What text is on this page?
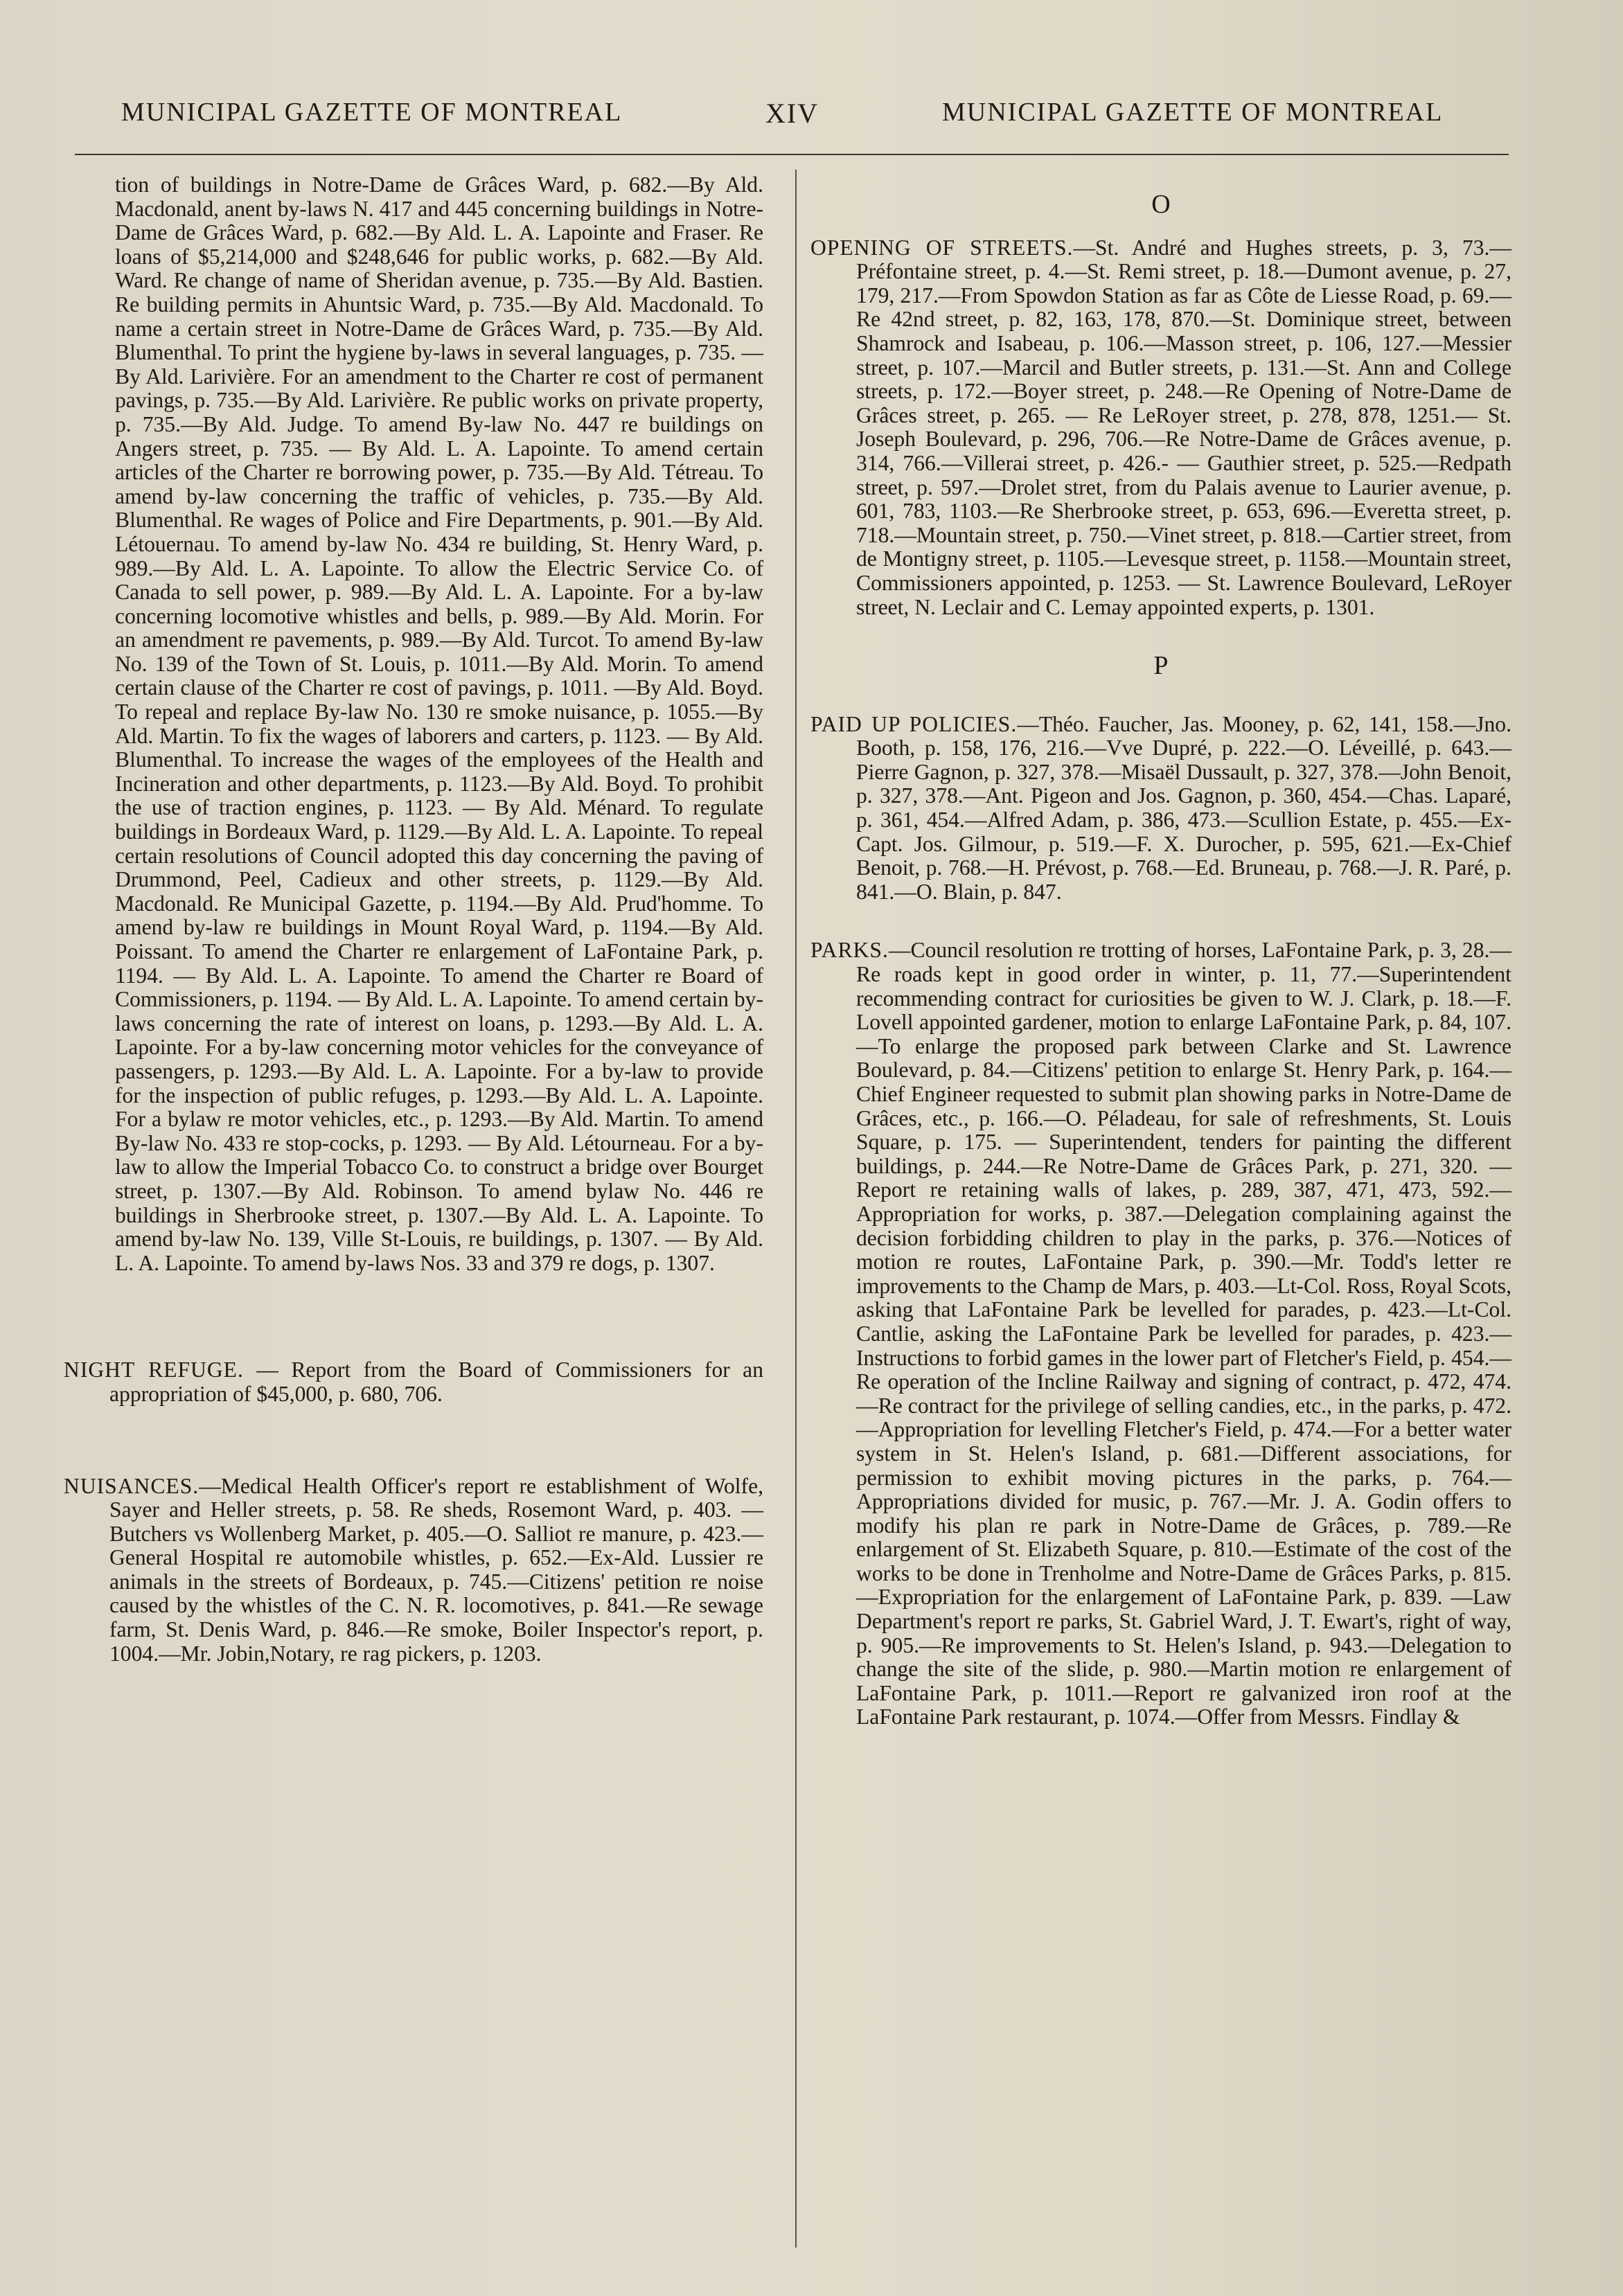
MUNICIPAL GAZETTE OF MONTREAL	XIV	MUNICIPAL GAZETTE OF MONTREAL

tion of buildings in Notre-Dame de Grâces Ward, p. 682.—By Ald. Macdonald, anent by-laws N. 417 and 445 concerning buildings in Notre-Dame de Grâces Ward, p. 682.—By Ald. L. A. Lapointe and Fraser. Re loans of $5,214,000 and $248,646 for public works, p. 682.—By Ald. Ward. Re change of name of Sheridan avenue, p. 735.—By Ald. Bastien. Re building permits in Ahuntsic Ward, p. 735.—By Ald. Macdonald. To name a certain street in Notre-Dame de Grâces Ward, p. 735.—By Ald. Blumenthal. To print the hygiene by-laws in several languages, p. 735. — By Ald. Larivière. For an amendment to the Charter re cost of permanent pavings, p. 735.—By Ald. Larivière. Re public works on private property, p. 735.—By Ald. Judge. To amend By-law No. 447 re buildings on Angers street, p. 735. — By Ald. L. A. Lapointe. To amend certain articles of the Charter re borrowing power, p. 735.—By Ald. Tétreau. To amend by-law concerning the traffic of vehicles, p. 735.—By Ald. Blumenthal. Re wages of Police and Fire Departments, p. 901.—By Ald. Létouernau. To amend by-law No. 434 re building, St. Henry Ward, p. 989.—By Ald. L. A. Lapointe. To allow the Electric Service Co. of Canada to sell power, p. 989.—By Ald. L. A. Lapointe. For a by-law concerning locomotive whistles and bells, p. 989.—By Ald. Morin. For an amendment re pavements, p. 989.—By Ald. Turcot. To amend By-law No. 139 of the Town of St. Louis, p. 1011.—By Ald. Morin. To amend certain clause of the Charter re cost of pavings, p. 1011. —By Ald. Boyd. To repeal and replace By-law No. 130 re smoke nuisance, p. 1055.—By Ald. Martin. To fix the wages of laborers and carters, p. 1123. — By Ald. Blumenthal. To increase the wages of the employees of the Health and Incineration and other departments, p. 1123.—By Ald. Boyd. To prohibit the use of traction engines, p. 1123. — By Ald. Ménard. To regulate buildings in Bordeaux Ward, p. 1129.—By Ald. L. A. Lapointe. To repeal certain resolutions of Council adopted this day concerning the paving of Drummond, Peel, Cadieux and other streets, p. 1129.—By Ald. Macdonald. Re Municipal Gazette, p. 1194.—By Ald. Prud'homme. To amend by-law re buildings in Mount Royal Ward, p. 1194.—By Ald. Poissant. To amend the Charter re enlargement of LaFontaine Park, p. 1194. — By Ald. L. A. Lapointe. To amend the Charter re Board of Commissioners, p. 1194. — By Ald. L. A. Lapointe. To amend certain by-laws concerning the rate of interest on loans, p. 1293.—By Ald. L. A. Lapointe. For a by-law concerning motor vehicles for the conveyance of passengers, p. 1293.—By Ald. L. A. Lapointe. For a by-law to provide for the inspection of public refuges, p. 1293.—By Ald. L. A. Lapointe. For a bylaw re motor vehicles, etc., p. 1293.—By Ald. Martin. To amend By-law No. 433 re stop-cocks, p. 1293. — By Ald. Létourneau. For a by-law to allow the Imperial Tobacco Co. to construct a bridge over Bourget street, p. 1307.—By Ald. Robinson. To amend bylaw No. 446 re buildings in Sherbrooke street, p. 1307.—By Ald. L. A. Lapointe. To amend by-law No. 139, Ville St-Louis, re buildings, p. 1307. — By Ald. L. A. Lapointe. To amend by-laws Nos. 33 and 379 re dogs, p. 1307.

NIGHT REFUGE. — Report from the Board of Commissioners for an appropriation of $45,000, p. 680, 706.

NUISANCES.—Medical Health Officer's report re establishment of Wolfe, Sayer and Heller streets, p. 58. Re sheds, Rosemont Ward, p. 403. — Butchers vs Wollenberg Market, p. 405.—O. Salliot re manure, p. 423.—General Hospital re automobile whistles, p. 652.—Ex-Ald. Lussier re animals in the streets of Bordeaux, p. 745.—Citizens' petition re noise caused by the whistles of the C. N. R. locomotives, p. 841.—Re sewage farm, St. Denis Ward, p. 846.—Re smoke, Boiler Inspector's report, p. 1004.—Mr. Jobin,Notary, re rag pickers, p. 1203.

O

OPENING OF STREETS.—St. André and Hughes streets, p. 3, 73.—Préfontaine street, p. 4.—St. Remi street, p. 18.—Dumont avenue, p. 27, 179, 217.—From Spowdon Station as far as Côte de Liesse Road, p. 69.—Re 42nd street, p. 82, 163, 178, 870.—St. Dominique street, between Shamrock and Isabeau, p. 106.—Masson street, p. 106, 127.—Messier street, p. 107.—Marcil and Butler streets, p. 131.—St. Ann and College streets, p. 172.—Boyer street, p. 248.—Re Opening of Notre-Dame de Grâces street, p. 265. — Re LeRoyer street, p. 278, 878, 1251.— St. Joseph Boulevard, p. 296, 706.—Re Notre-Dame de Grâces avenue, p. 314, 766.—Villerai street, p. 426.- — Gauthier street, p. 525.—Redpath street, p. 597.—Drolet stret, from du Palais avenue to Laurier avenue, p. 601, 783, 1103.—Re Sherbrooke street, p. 653, 696.—Everetta street, p. 718.—Mountain street, p. 750.—Vinet street, p. 818.—Cartier street, from de Montigny street, p. 1105.—Levesque street, p. 1158.—Mountain street, Commissioners appointed, p. 1253. — St. Lawrence Boulevard, LeRoyer street, N. Leclair and C. Lemay appointed experts, p. 1301.

P

PAID UP POLICIES.—Théo. Faucher, Jas. Mooney, p. 62, 141, 158.—Jno. Booth, p. 158, 176, 216.—Vve Dupré, p. 222.—O. Léveillé, p. 643.—Pierre Gagnon, p. 327, 378.—Misaël Dussault, p. 327, 378.—John Benoit, p. 327, 378.—Ant. Pigeon and Jos. Gagnon, p. 360, 454.—Chas. Laparé, p. 361, 454.—Alfred Adam, p. 386, 473.—Scullion Estate, p. 455.—Ex-Capt. Jos. Gilmour, p. 519.—F. X. Durocher, p. 595, 621.—Ex-Chief Benoit, p. 768.—H. Prévost, p. 768.—Ed. Bruneau, p. 768.—J. R. Paré, p. 841.—O. Blain, p. 847.

PARKS.—Council resolution re trotting of horses, LaFontaine Park, p. 3, 28.—Re roads kept in good order in winter, p. 11, 77.—Superintendent recommending contract for curiosities be given to W. J. Clark, p. 18.—F. Lovell appointed gardener, motion to enlarge LaFontaine Park, p. 84, 107.—To enlarge the proposed park between Clarke and St. Lawrence Boulevard, p. 84.—Citizens' petition to enlarge St. Henry Park, p. 164.—Chief Engineer requested to submit plan showing parks in Notre-Dame de Grâces, etc., p. 166.—O. Péladeau, for sale of refreshments, St. Louis Square, p. 175. — Superintendent, tenders for painting the different buildings, p. 244.—Re Notre-Dame de Grâces Park, p. 271, 320. — Report re retaining walls of lakes, p. 289, 387, 471, 473, 592.—Appropriation for works, p. 387.—Delegation complaining against the decision forbidding children to play in the parks, p. 376.—Notices of motion re routes, LaFontaine Park, p. 390.—Mr. Todd's letter re improvements to the Champ de Mars, p. 403.—Lt-Col. Ross, Royal Scots, asking that LaFontaine Park be levelled for parades, p. 423.—Lt-Col. Cantlie, asking the LaFontaine Park be levelled for parades, p. 423.—Instructions to forbid games in the lower part of Fletcher's Field, p. 454.—Re operation of the Incline Railway and signing of contract, p. 472, 474.—Re contract for the privilege of selling candies, etc., in the parks, p. 472.—Appropriation for levelling Fletcher's Field, p. 474.—For a better water system in St. Helen's Island, p. 681.—Different associations, for permission to exhibit moving pictures in the parks, p. 764.—Appropriations divided for music, p. 767.—Mr. J. A. Godin offers to modify his plan re park in Notre-Dame de Grâces, p. 789.—Re enlargement of St. Elizabeth Square, p. 810.—Estimate of the cost of the works to be done in Trenholme and Notre-Dame de Grâces Parks, p. 815.—Expropriation for the enlargement of LaFontaine Park, p. 839. —Law Department's report re parks, St. Gabriel Ward, J. T. Ewart's, right of way, p. 905.—Re improvements to St. Helen's Island, p. 943.—Delegation to change the site of the slide, p. 980.—Martin motion re enlargement of LaFontaine Park, p. 1011.—Report re galvanized iron roof at the LaFontaine Park restaurant, p. 1074.—Offer from Messrs. Findlay &
